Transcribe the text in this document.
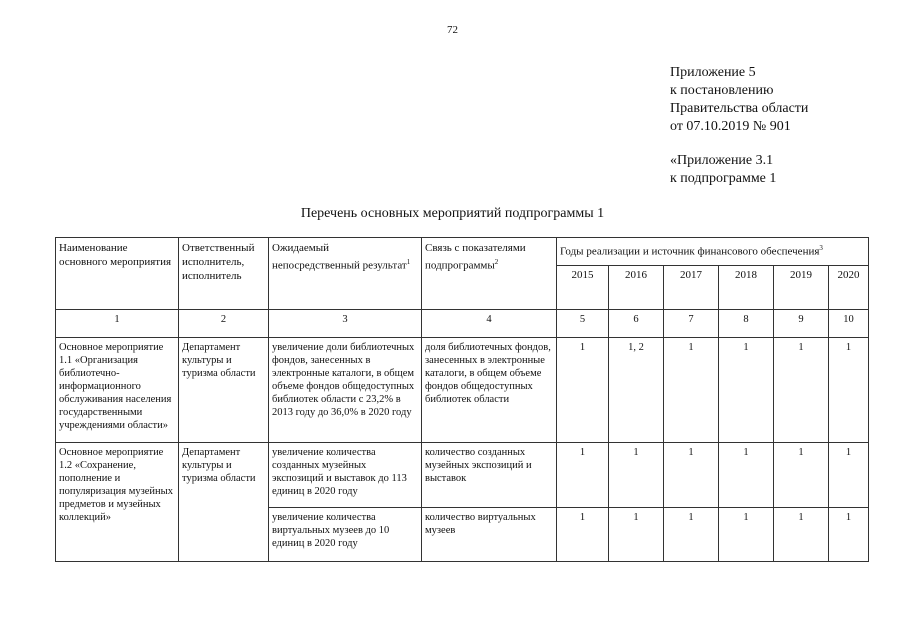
72
Приложение 5
к постановлению
Правительства области
от 07.10.2019 № 901
«Приложение 3.1
к подпрограмме 1
Перечень основных мероприятий подпрограммы 1
Наименование основного мероприятия	Ответственный исполнитель, исполнитель	Ожидаемый непосредственный результат$^1$	Связь с показателями подпрограммы$^2$	Годы реализации и источник финансового обеспечения$^3$
				2015	2016	2017	2018	2019	2020
1	2	3	4	5	6	7	8	9	10
Основное мероприятие 1.1 «Организация библиотечно-информационного обслуживания населения государственными учреждениями области»	Департамент культуры и туризма области	увеличение доли библиотечных фондов, занесенных в электронные каталоги, в общем объеме фондов общедоступных библиотек области с 23,2% в 2013 году до 36,0% в 2020 году	доля библиотечных фондов, занесенных в электронные каталоги, в общем объеме фондов общедоступных библиотек области	1	1, 2	1	1	1	1
Основное мероприятие 1.2 «Сохранение, пополнение и популяризация музейных предметов и музейных коллекций»	Департамент культуры и туризма области	увеличение количества созданных музейных экспозиций и выставок до 113 единиц в 2020 году	количество созданных музейных экспозиций и выставок	1	1	1	1	1	1
		увеличение количества виртуальных музеев до 10 единиц в 2020 году	количество виртуальных музеев	1	1	1	1	1	1
